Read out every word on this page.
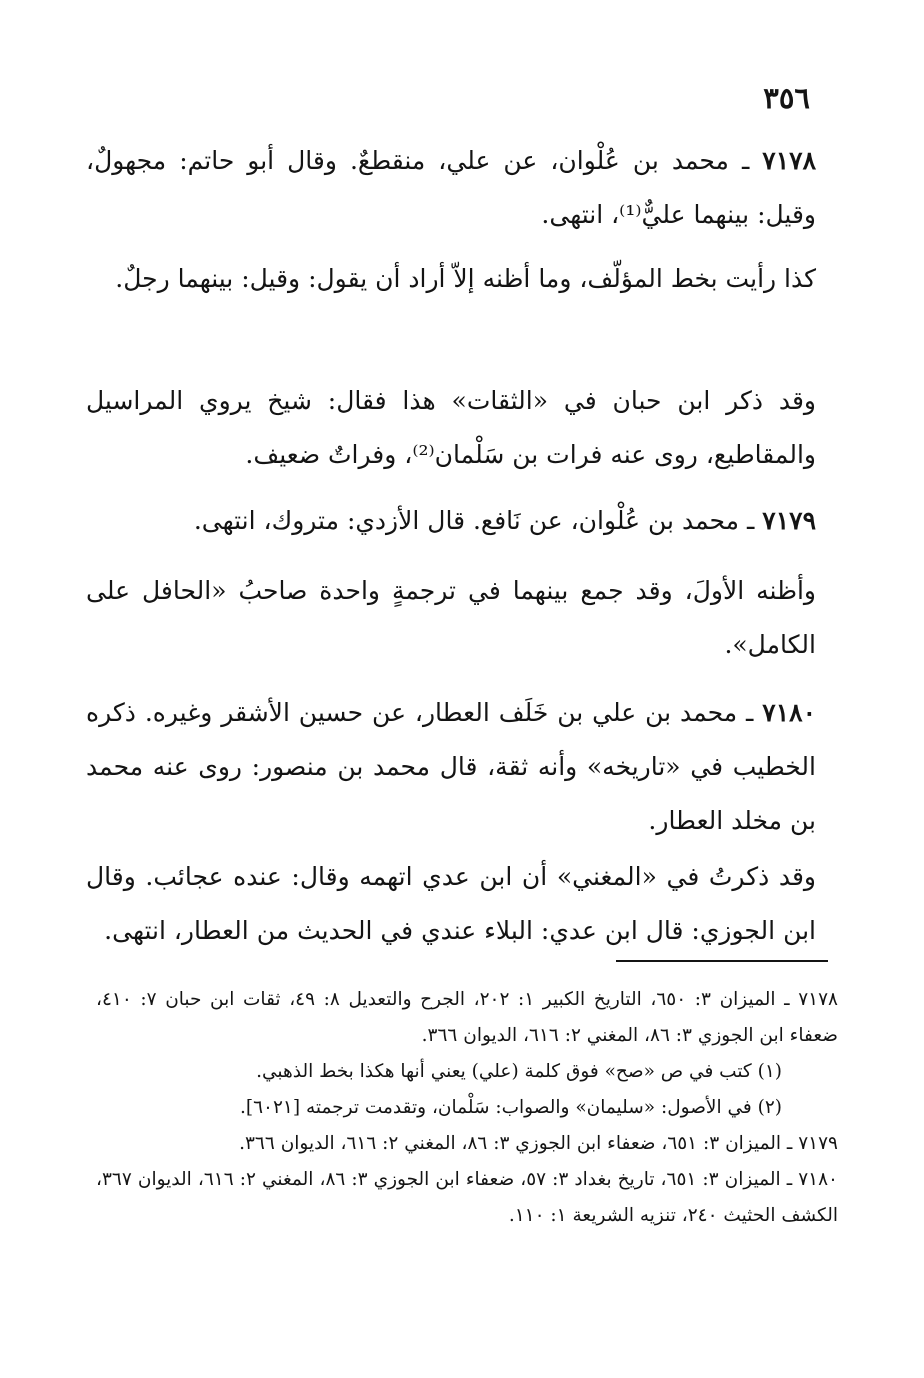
٣٥٦

٧١٧٨ ـ محمد بن عُلْوان، عن علي، منقطعٌ. وقال أبو حاتم: مجهولٌ، وقيل: بينهما عليٌّ⁽¹⁾، انتهى.

كذا رأيت بخط المؤلّف، وما أظنه إلاّ أراد أن يقول: وقيل: بينهما رجلٌ.

وقد ذكر ابن حبان في «الثقات» هذا فقال: شيخ يروي المراسيل والمقاطيع، روى عنه فرات بن سَلْمان⁽²⁾، وفراتٌ ضعيف.

٧١٧٩ ـ محمد بن عُلْوان، عن نَافع. قال الأزدي: متروك، انتهى.

وأظنه الأولَ، وقد جمع بينهما في ترجمةٍ واحدة صاحبُ «الحافل على الكامل».

٧١٨٠ ـ محمد بن علي بن خَلَف العطار، عن حسين الأشقر وغيره. ذكره الخطيب في «تاريخه» وأنه ثقة، قال محمد بن منصور: روى عنه محمد بن مخلد العطار.

وقد ذكرتُ في «المغني» أن ابن عدي اتهمه وقال: عنده عجائب. وقال ابن الجوزي: قال ابن عدي: البلاء عندي في الحديث من العطار، انتهى.

٧١٧٨ ـ الميزان ٣: ٦٥٠، التاريخ الكبير ١: ٢٠٢، الجرح والتعديل ٨: ٤٩، ثقات ابن حبان ٧: ٤١٠، ضعفاء ابن الجوزي ٣: ٨٦، المغني ٢: ٦١٦، الديوان ٣٦٦.

(١) كتب في ص «صح» فوق كلمة (علي) يعني أنها هكذا بخط الذهبي.

(٢) في الأصول: «سليمان» والصواب: سَلْمان، وتقدمت ترجمته [٦٠٢١].

٧١٧٩ ـ الميزان ٣: ٦٥١، ضعفاء ابن الجوزي ٣: ٨٦، المغني ٢: ٦١٦، الديوان ٣٦٦.

٧١٨٠ ـ الميزان ٣: ٦٥١، تاريخ بغداد ٣: ٥٧، ضعفاء ابن الجوزي ٣: ٨٦، المغني ٢: ٦١٦، الديوان ٣٦٧، الكشف الحثيث ٢٤٠، تنزيه الشريعة ١: ١١٠.
